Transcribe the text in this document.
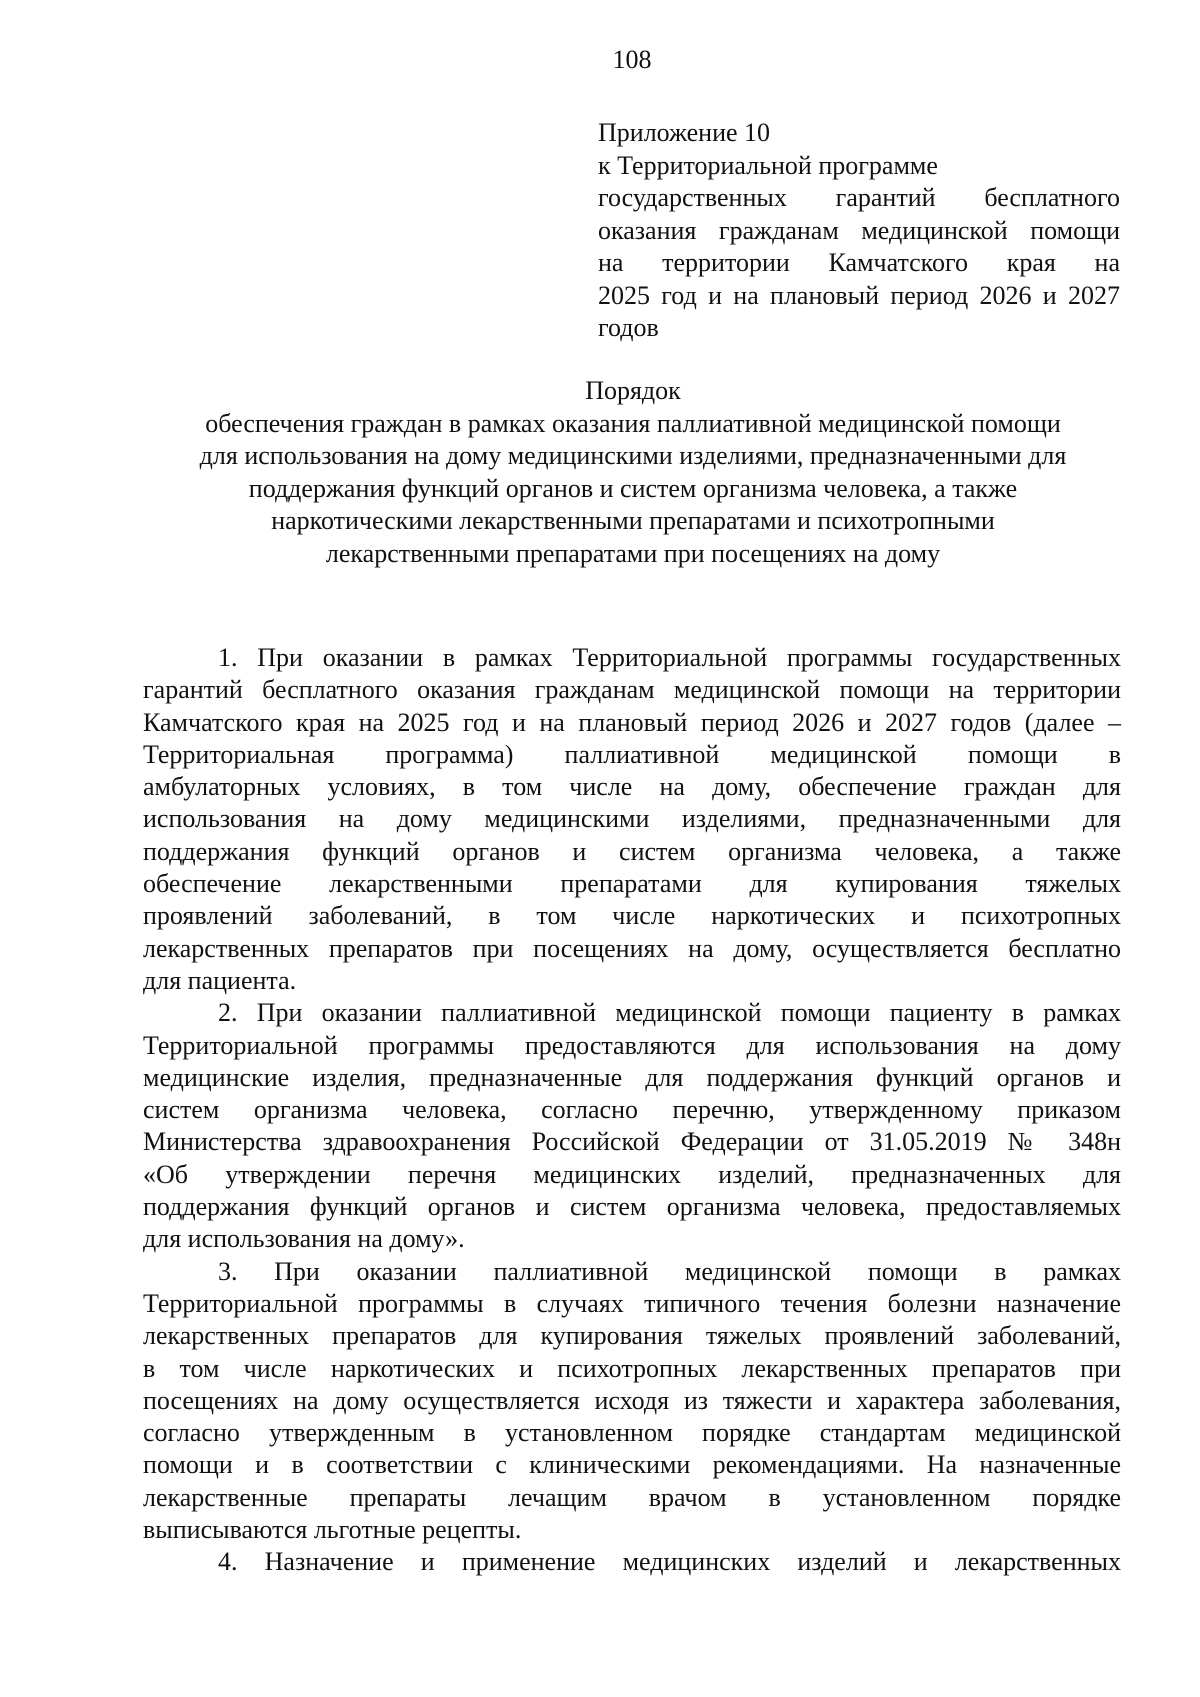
108
Приложение 10
к Территориальной программе
государственных гарантий бесплатного
оказания гражданам медицинской помощи
на территории Камчатского края на
2025 год и на плановый период 2026 и 2027
годов
Порядок
обеспечения граждан в рамках оказания паллиативной медицинской помощи
для использования на дому медицинскими изделиями, предназначенными для
поддержания функций органов и систем организма человека, а также
наркотическими лекарственными препаратами и психотропными
лекарственными препаратами при посещениях на дому
1. При оказании в рамках Территориальной программы государственных
гарантий бесплатного оказания гражданам медицинской помощи на территории
Камчатского края на 2025 год и на плановый период 2026 и 2027 годов (далее –
Территориальная программа) паллиативной медицинской помощи в
амбулаторных условиях, в том числе на дому, обеспечение граждан для
использования на дому медицинскими изделиями, предназначенными для
поддержания функций органов и систем организма человека, а также
обеспечение лекарственными препаратами для купирования тяжелых
проявлений заболеваний, в том числе наркотических и психотропных
лекарственных препаратов при посещениях на дому, осуществляется бесплатно
для пациента.
2. При оказании паллиативной медицинской помощи пациенту в рамках
Территориальной программы предоставляются для использования на дому
медицинские изделия, предназначенные для поддержания функций органов и
систем организма человека, согласно перечню, утвержденному приказом
Министерства здравоохранения Российской Федерации от 31.05.2019 № 348н
«Об утверждении перечня медицинских изделий, предназначенных для
поддержания функций органов и систем организма человека, предоставляемых
для использования на дому».
3. При оказании паллиативной медицинской помощи в рамках
Территориальной программы в случаях типичного течения болезни назначение
лекарственных препаратов для купирования тяжелых проявлений заболеваний,
в том числе наркотических и психотропных лекарственных препаратов при
посещениях на дому осуществляется исходя из тяжести и характера заболевания,
согласно утвержденным в установленном порядке стандартам медицинской
помощи и в соответствии с клиническими рекомендациями. На назначенные
лекарственные препараты лечащим врачом в установленном порядке
выписываются льготные рецепты.
4. Назначение и применение медицинских изделий и лекарственных
